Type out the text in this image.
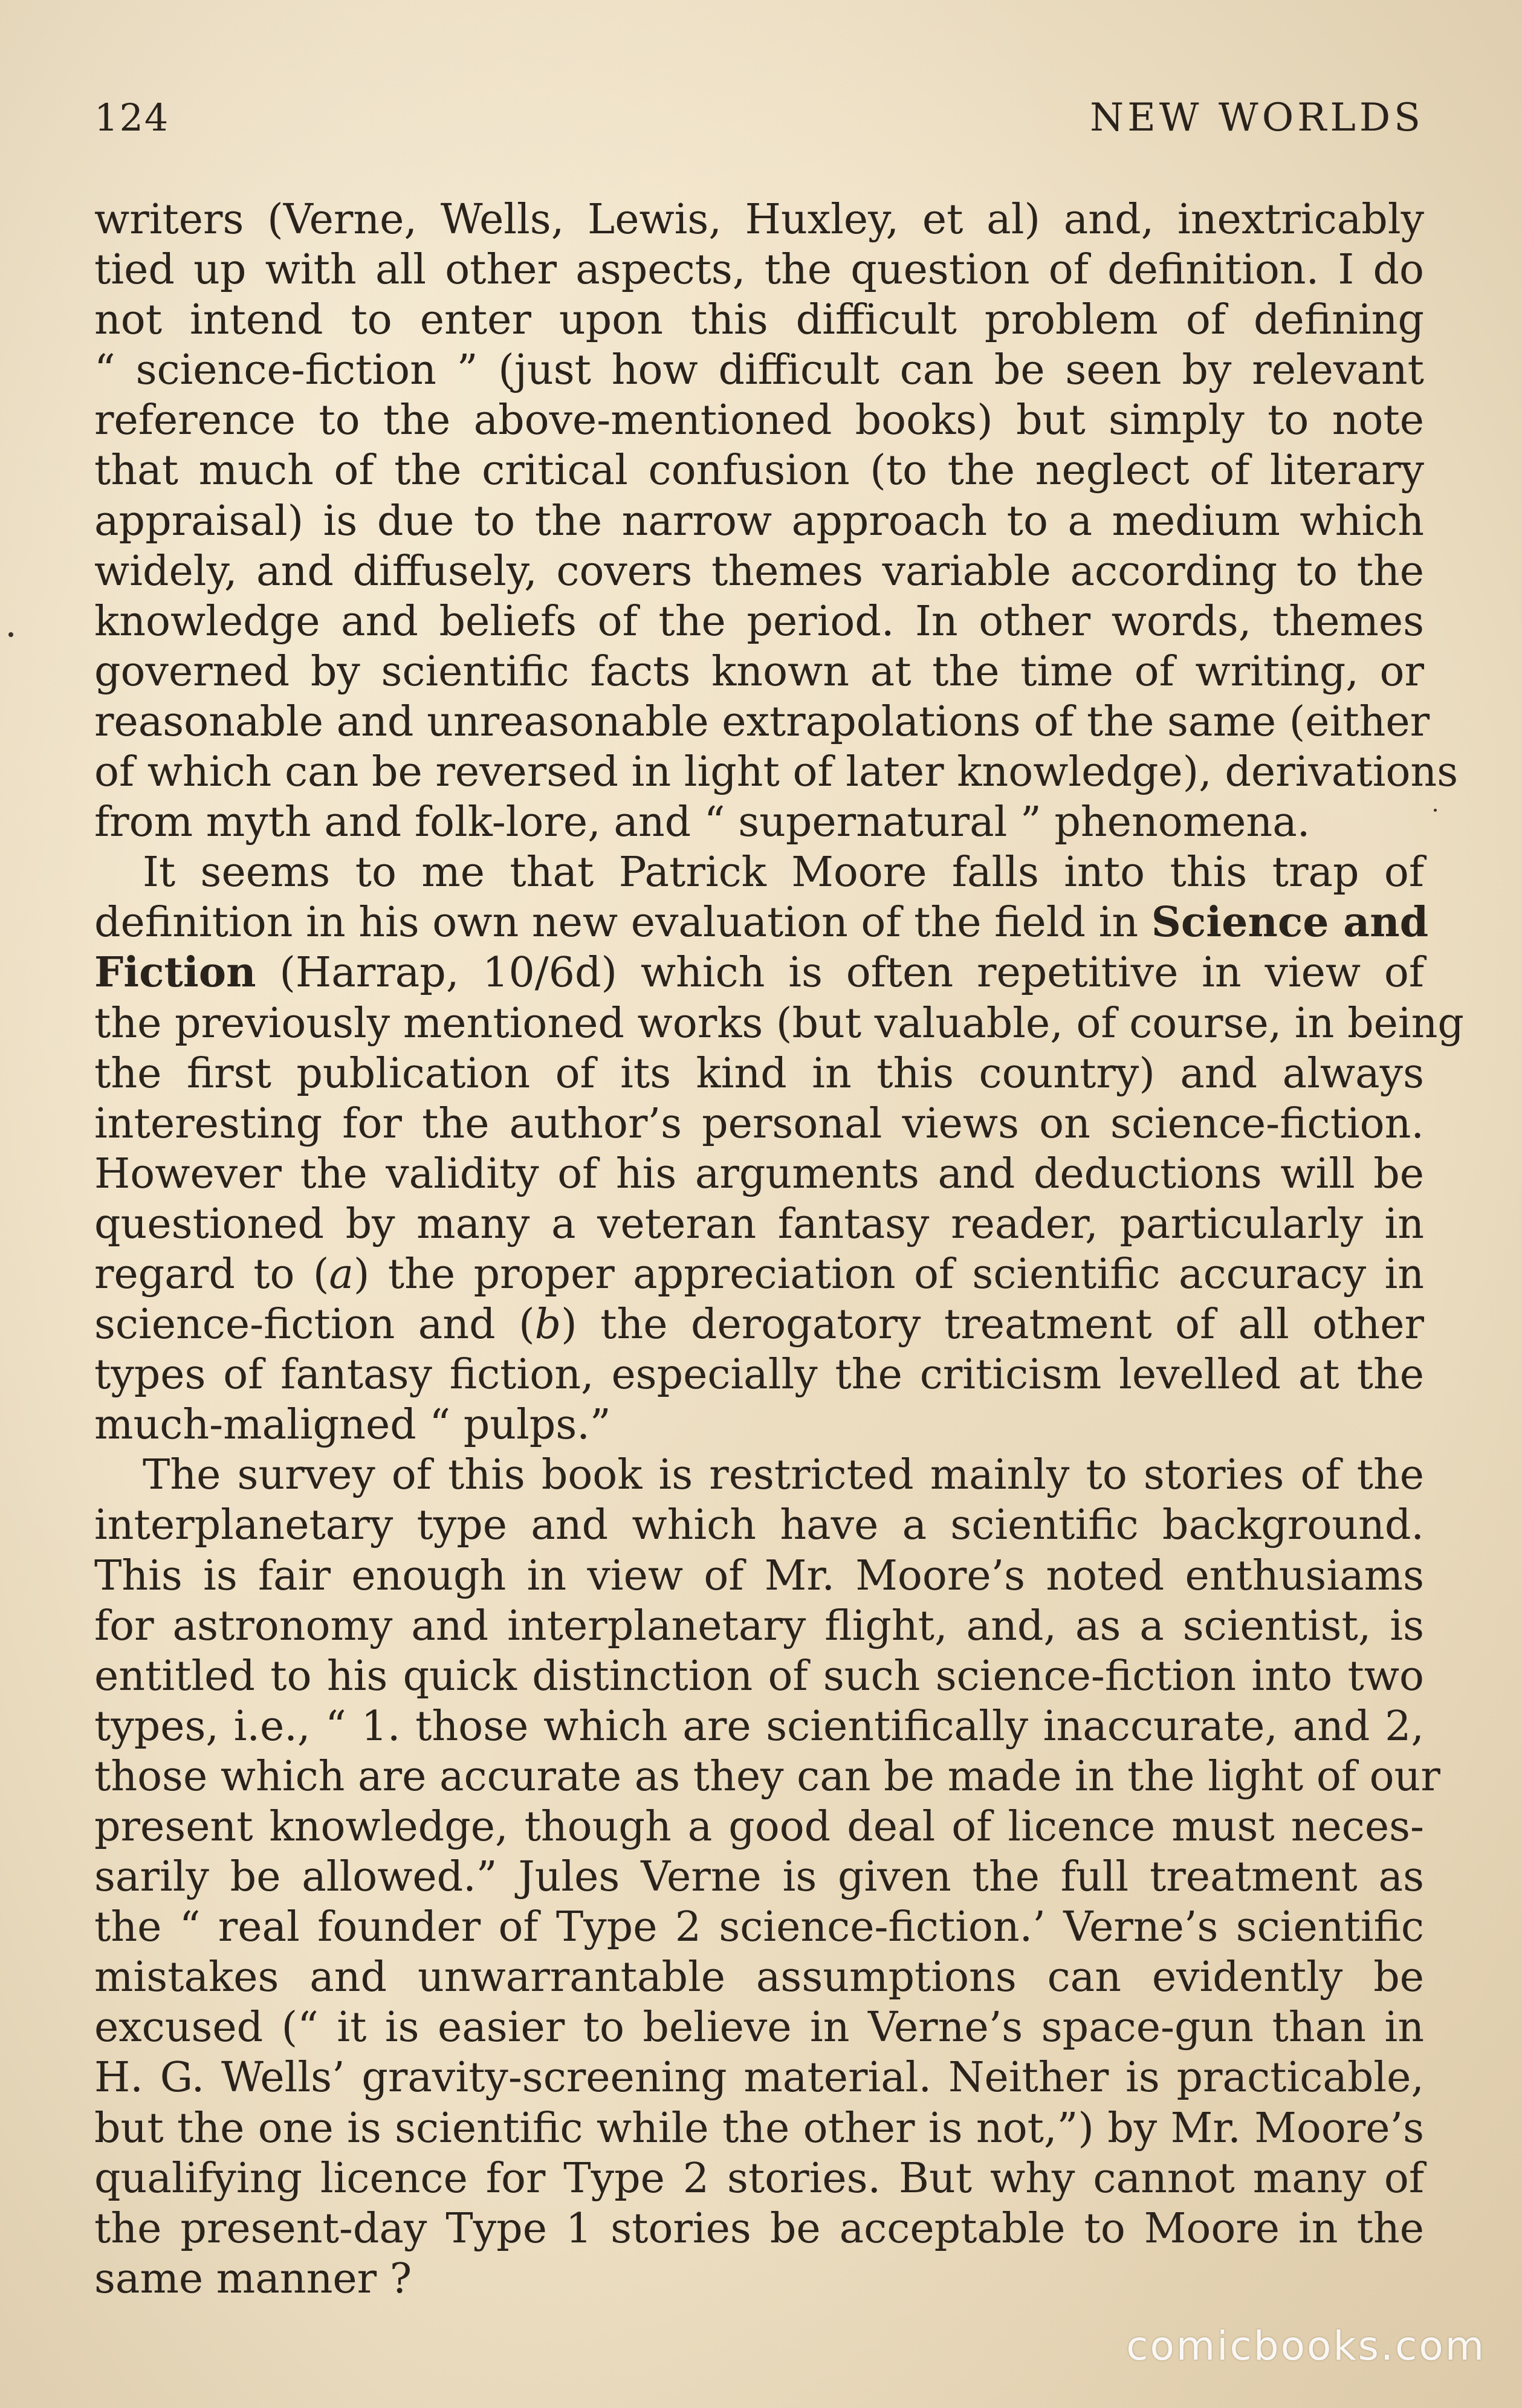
124	NEW WORLDS
writers (Verne, Wells, Lewis, Huxley, et al) and, inextricably
tied up with all other aspects, the question of definition. I do
not intend to enter upon this difficult problem of defining
“ science-fiction ” (just how difficult can be seen by relevant
reference to the above-mentioned books) but simply to note
that much of the critical confusion (to the neglect of literary
appraisal) is due to the narrow approach to a medium which
widely, and diffusely, covers themes variable according to the
knowledge and beliefs of the period. In other words, themes
governed by scientific facts known at the time of writing, or
reasonable and unreasonable extrapolations of the same (either
of which can be reversed in light of later knowledge), derivations
from myth and folk-lore, and “ supernatural ” phenomena.
It seems to me that Patrick Moore falls into this trap of
definition in his own new evaluation of the field in Science and
Fiction (Harrap, 10/6d) which is often repetitive in view of
the previously mentioned works (but valuable, of course, in being
the first publication of its kind in this country) and always
interesting for the author’s personal views on science-fiction.
However the validity of his arguments and deductions will be
questioned by many a veteran fantasy reader, particularly in
regard to (a) the proper appreciation of scientific accuracy in
science-fiction and (b) the derogatory treatment of all other
types of fantasy fiction, especially the criticism levelled at the
much-maligned “ pulps.”
The survey of this book is restricted mainly to stories of the
interplanetary type and which have a scientific background.
This is fair enough in view of Mr. Moore’s noted enthusiams
for astronomy and interplanetary flight, and, as a scientist, is
entitled to his quick distinction of such science-fiction into two
types, i.e., “ 1. those which are scientifically inaccurate, and 2,
those which are accurate as they can be made in the light of our
present knowledge, though a good deal of licence must neces-
sarily be allowed.” Jules Verne is given the full treatment as
the “ real founder of Type 2 science-fiction.’ Verne’s scientific
mistakes and unwarrantable assumptions can evidently be
excused (“ it is easier to believe in Verne’s space-gun than in
H. G. Wells’ gravity-screening material. Neither is practicable,
but the one is scientific while the other is not,”) by Mr. Moore’s
qualifying licence for Type 2 stories. But why cannot many of
the present-day Type 1 stories be acceptable to Moore in the
same manner ?
comicbooks.com
